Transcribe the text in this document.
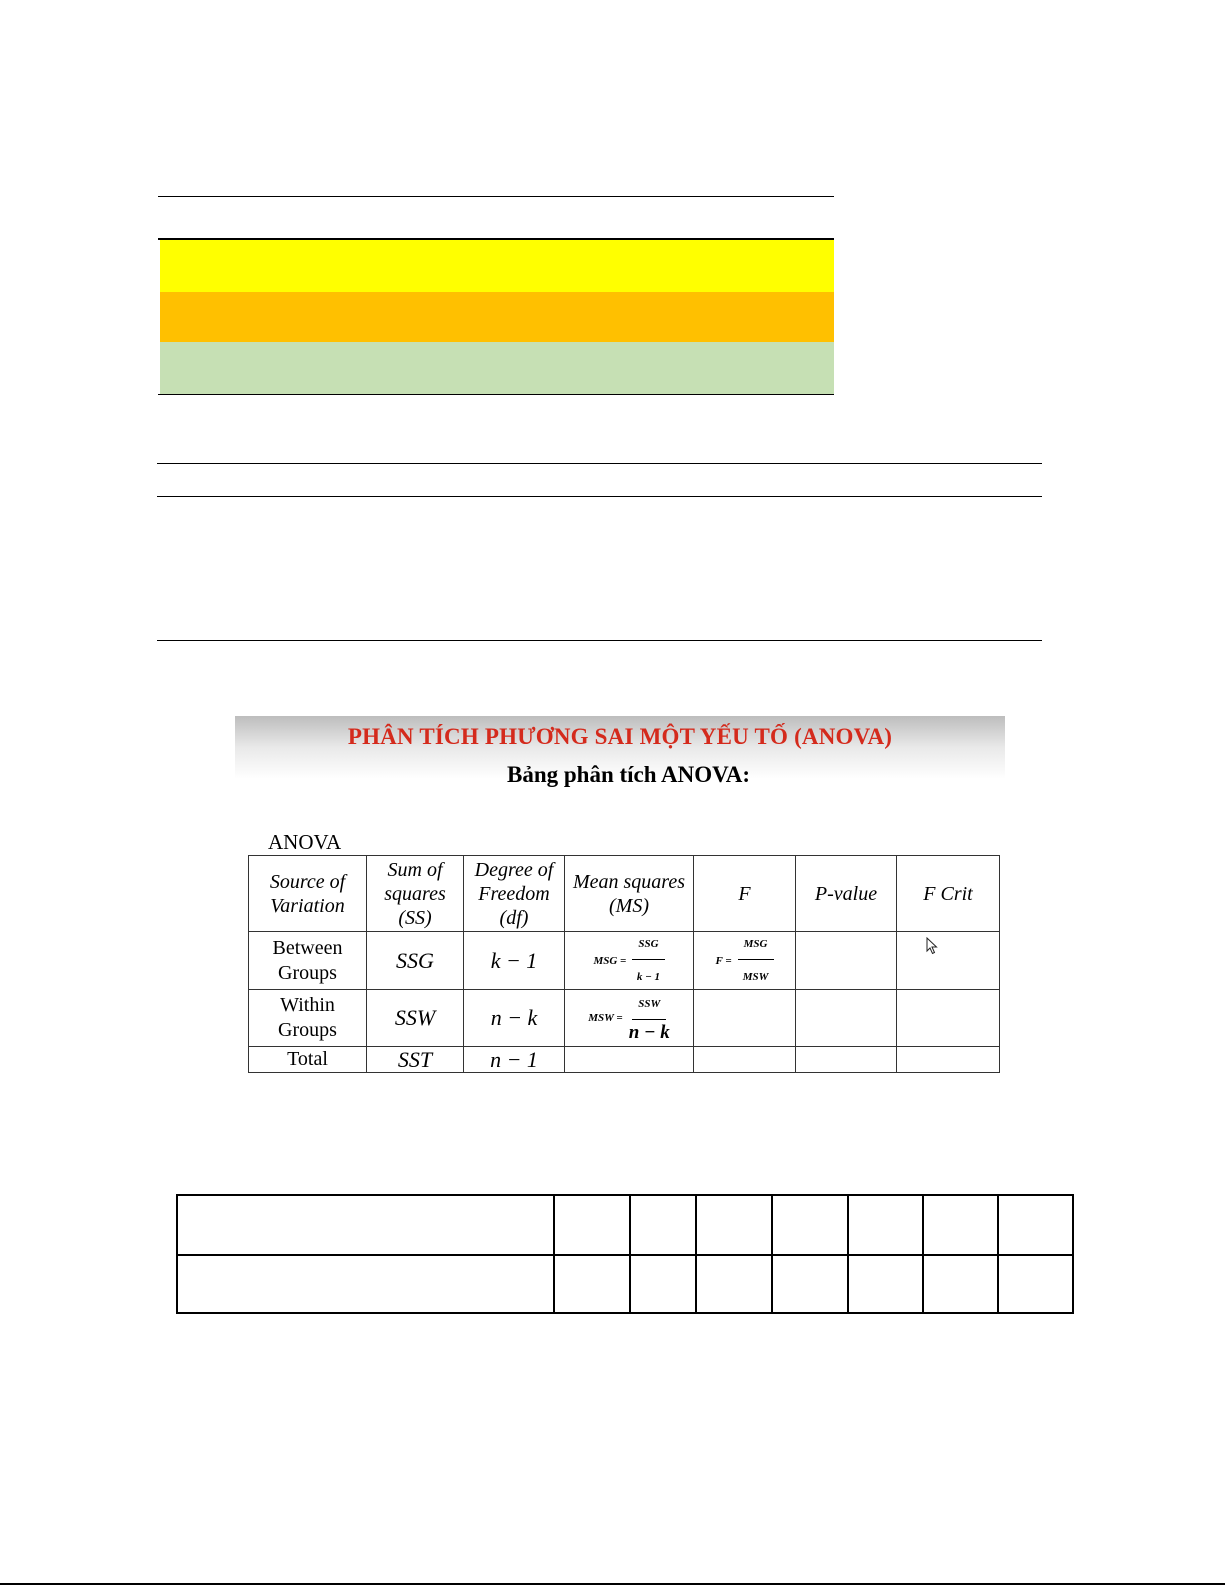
PHÂN TÍCH PHƯƠNG SAI MỘT YẾU TỐ (ANOVA)
Bảng phân tích ANOVA:
ANOVA
Source of Variation	Sum of squares (SS)	Degree of Freedom (df)	Mean squares (MS)	F	P-value	F Crit
Between Groups	SSG	k − 1	MSG = $\frac{\text{SSG}}{k - 1}$	$F = \frac{\text{MSG}}{\text{MSW}}$

Within Groups	SSW	n − k	MSW = $\frac{\text{SSW}}{n - k}$

Total	SST	n − 1				
